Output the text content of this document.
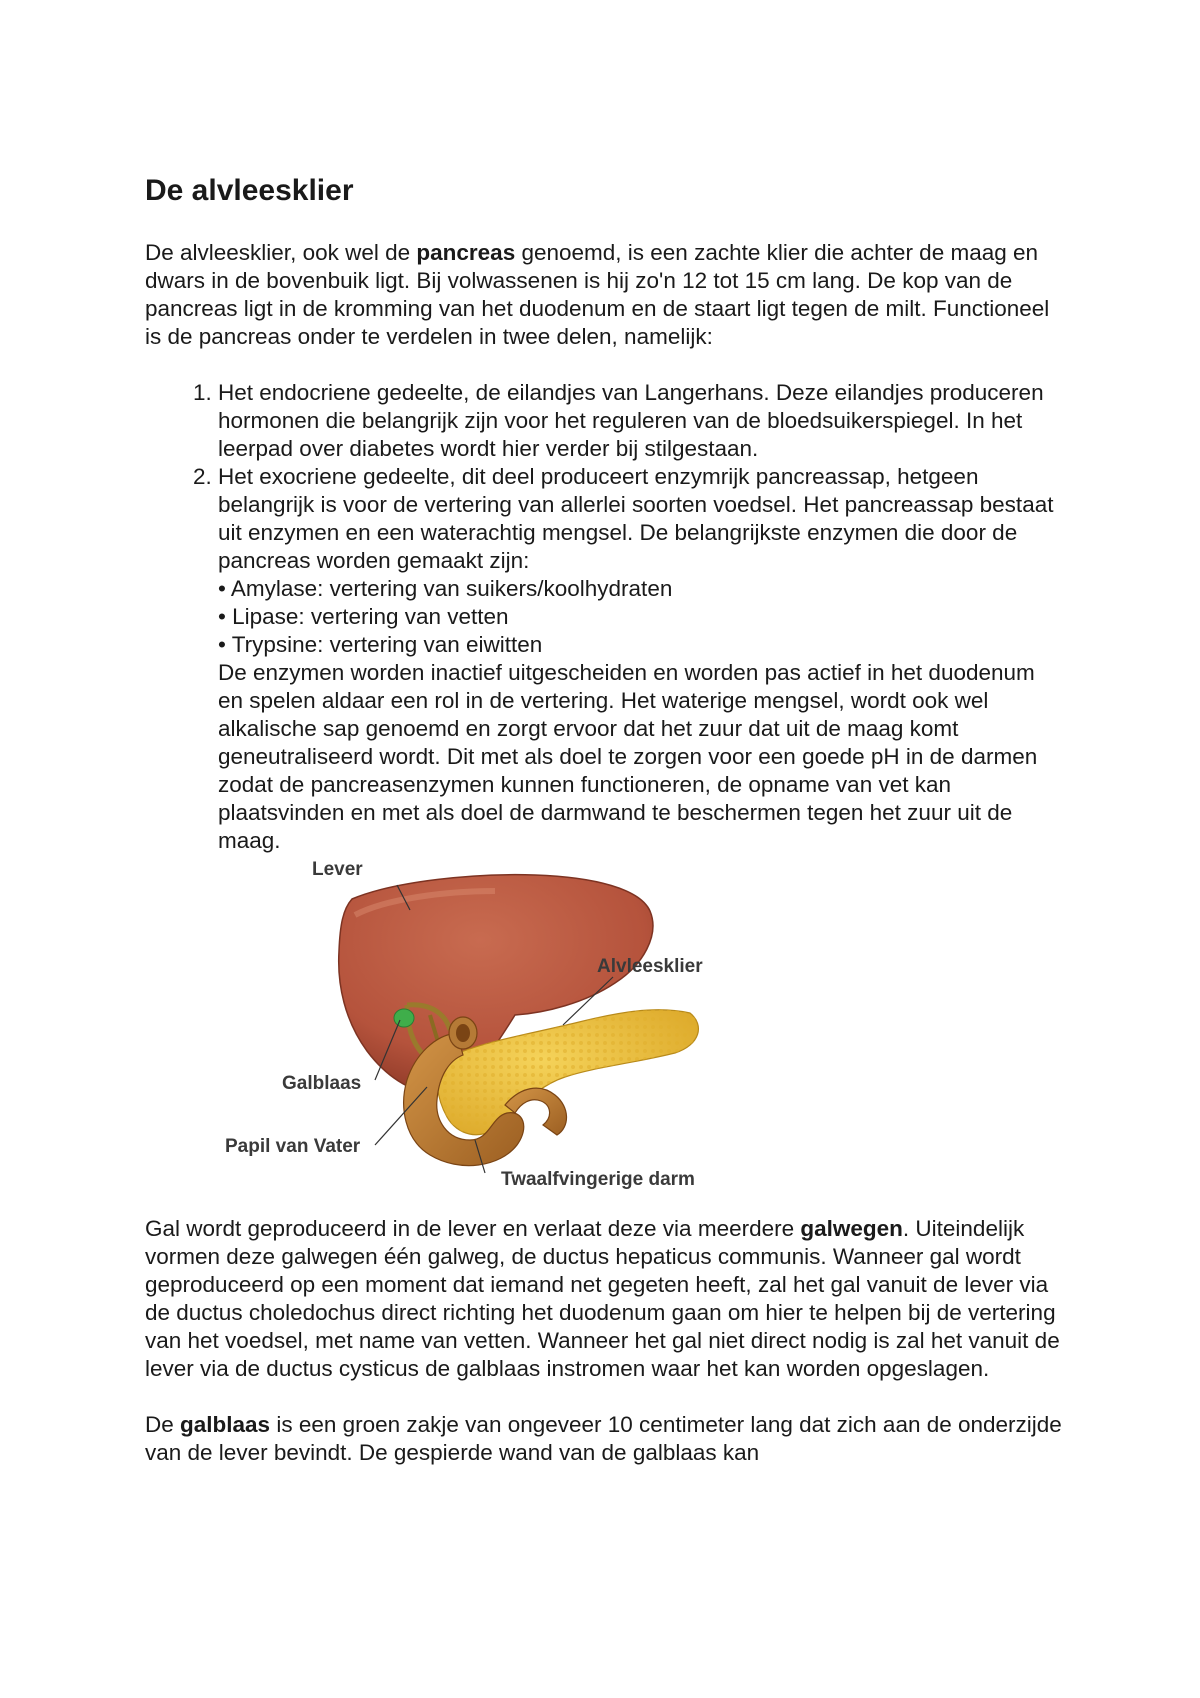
De alvleesklier

De alvleesklier, ook wel de pancreas genoemd, is een zachte klier die achter de maag en dwars in de bovenbuik ligt. Bij volwassenen is hij zo'n 12 tot 15 cm lang. De kop van de pancreas ligt in de kromming van het duodenum en de staart ligt tegen de milt. Functioneel is de pancreas onder te verdelen in twee delen, namelijk:

1. Het endocriene gedeelte, de eilandjes van Langerhans. Deze eilandjes produceren hormonen die belangrijk zijn voor het reguleren van de bloedsuikerspiegel. In het leerpad over diabetes wordt hier verder bij stilgestaan.
2. Het exocriene gedeelte, dit deel produceert enzymrijk pancreassap, hetgeen belangrijk is voor de vertering van allerlei soorten voedsel. Het pancreassap bestaat uit enzymen en een waterachtig mengsel. De belangrijkste enzymen die door de pancreas worden gemaakt zijn:
• Amylase: vertering van suikers/koolhydraten
• Lipase: vertering van vetten
• Trypsine: vertering van eiwitten
De enzymen worden inactief uitgescheiden en worden pas actief in het duodenum en spelen aldaar een rol in de vertering. Het waterige mengsel, wordt ook wel alkalische sap genoemd en zorgt ervoor dat het zuur dat uit de maag komt geneutraliseerd wordt. Dit met als doel te zorgen voor een goede pH in de darmen zodat de pancreasenzymen kunnen functioneren, de opname van vet kan plaatsvinden en met als doel de darmwand te beschermen tegen het zuur uit de maag.
Lever
Alvleesklier
Galblaas
Papil van Vater
Twaalfvingerige darm

Gal wordt geproduceerd in de lever en verlaat deze via meerdere galwegen. Uiteindelijk vormen deze galwegen één galweg, de ductus hepaticus communis. Wanneer gal wordt geproduceerd op een moment dat iemand net gegeten heeft, zal het gal vanuit de lever via de ductus choledochus direct richting het duodenum gaan om hier te helpen bij de vertering van het voedsel, met name van vetten. Wanneer het gal niet direct nodig is zal het vanuit de lever via de ductus cysticus de galblaas instromen waar het kan worden opgeslagen.

De galblaas is een groen zakje van ongeveer 10 centimeter lang dat zich aan de onderzijde van de lever bevindt. De gespierde wand van de galblaas kan
